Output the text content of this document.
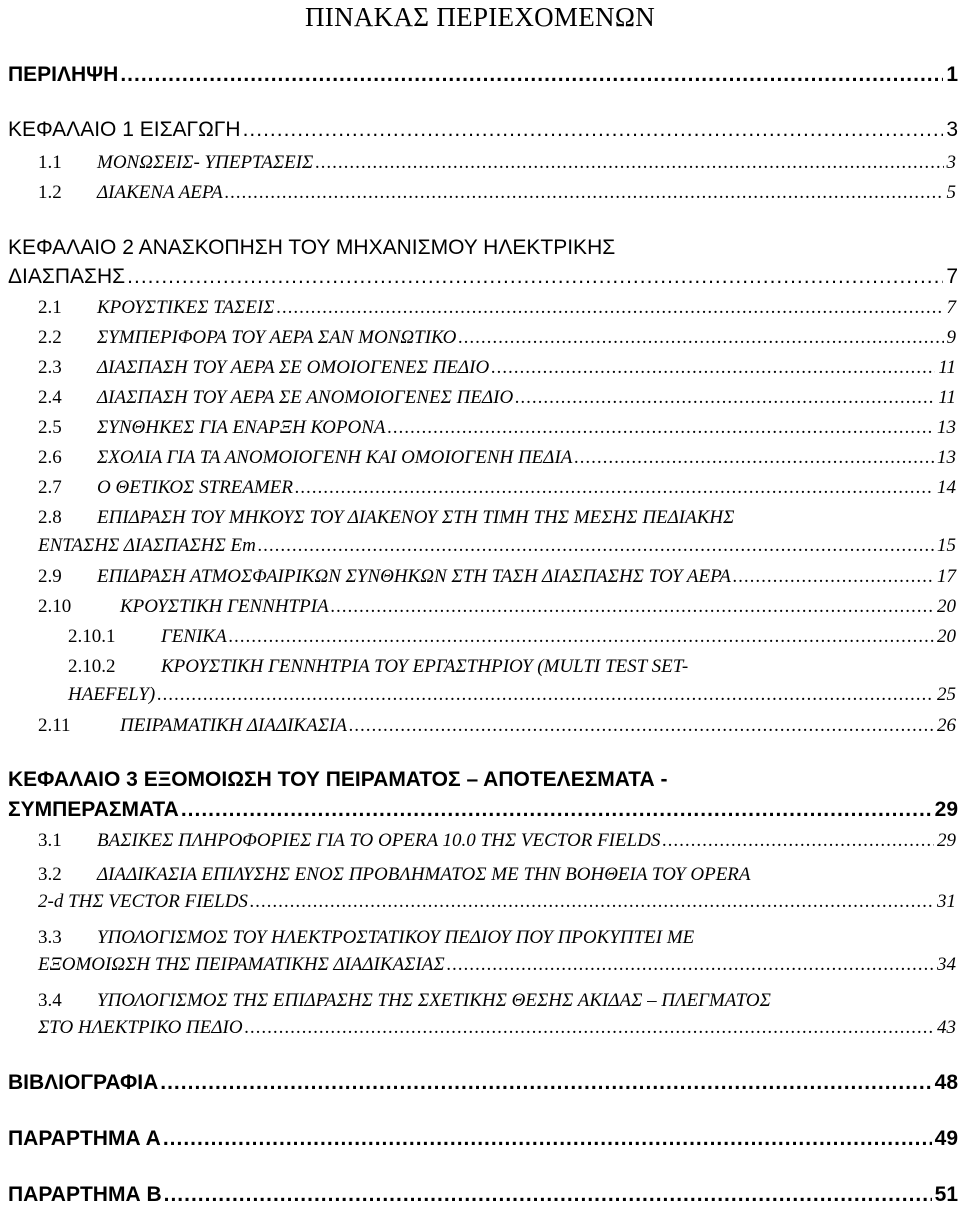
ΠΙΝΑΚΑΣ ΠΕΡΙΕΧΟΜΕΝΩΝ
ΠΕΡΙΛΗΨΗ .....	1
ΚΕΦΑΛΑΙΟ 1 ΕΙΣΑΓΩΓΗ .....	3
1.1	ΜΟΝΩΣΕΙΣ- ΥΠΕΡΤΑΣΕΙΣ .....	3
1.2	ΔΙΑΚΕΝΑ ΑΕΡΑ .....	5
ΚΕΦΑΛΑΙΟ 2 ΑΝΑΣΚΟΠΗΣΗ ΤΟΥ ΜΗΧΑΝΙΣΜΟΥ ΗΛΕΚΤΡΙΚΗΣ
ΔΙΑΣΠΑΣΗΣ .....	7
2.1	ΚΡΟΥΣΤΙΚΕΣ ΤΑΣΕΙΣ .....	7
2.2	ΣΥΜΠΕΡΙΦΟΡΑ ΤΟΥ ΑΕΡΑ ΣΑΝ ΜΟΝΩΤΙΚΟ .....	9
2.3	ΔΙΑΣΠΑΣΗ ΤΟΥ ΑΕΡΑ ΣΕ ΟΜΟΙΟΓΕΝΕΣ ΠΕΔΙΟ .....	11
2.4	ΔΙΑΣΠΑΣΗ ΤΟΥ ΑΕΡΑ ΣΕ ΑΝΟΜΟΙΟΓΕΝΕΣ ΠΕΔΙΟ .....	11
2.5	ΣΥΝΘΗΚΕΣ ΓΙΑ ΕΝΑΡΞΗ ΚΟΡΟΝΑ .....	13
2.6	ΣΧΟΛΙΑ ΓΙΑ ΤΑ ΑΝΟΜΟΙΟΓΕΝΗ ΚΑΙ ΟΜΟΙΟΓΕΝΗ ΠΕΔΙΑ .....	13
2.7	Ο ΘΕΤΙΚΟΣ STREAMER .....	14
2.8	ΕΠΙΔΡΑΣΗ ΤΟΥ ΜΗΚΟΥΣ ΤΟΥ ΔΙΑΚΕΝΟΥ ΣΤΗ ΤΙΜΗ ΤΗΣ ΜΕΣΗΣ ΠΕΔΙΑΚΗΣ
ΕΝΤΑΣΗΣ ΔΙΑΣΠΑΣΗΣ Em .....	15
2.9	ΕΠΙΔΡΑΣΗ ΑΤΜΟΣΦΑΙΡΙΚΩΝ ΣΥΝΘΗΚΩΝ ΣΤΗ ΤΑΣΗ ΔΙΑΣΠΑΣΗΣ ΤΟΥ ΑΕΡΑ .....	17
2.10	ΚΡΟΥΣΤΙΚΗ ΓΕΝΝΗΤΡΙΑ .....	20
2.10.1	ΓΕΝΙΚΑ .....	20
2.10.2	ΚΡΟΥΣΤΙΚΗ ΓΕΝΝΗΤΡΙΑ ΤΟΥ ΕΡΓΑΣΤΗΡΙΟΥ (MULTI TEST SET-
HAEFELY) .....	25
2.11	ΠΕΙΡΑΜΑΤΙΚΗ ΔΙΑΔΙΚΑΣΙΑ .....	26
ΚΕΦΑΛΑΙΟ 3 ΕΞΟΜΟΙΩΣΗ ΤΟΥ ΠΕΙΡΑΜΑΤΟΣ – ΑΠΟΤΕΛΕΣΜΑΤΑ -
ΣΥΜΠΕΡΑΣΜΑΤΑ .....	29
3.1	ΒΑΣΙΚΕΣ ΠΛΗΡΟΦΟΡΙΕΣ ΓΙΑ ΤΟ OPERA 10.0 ΤΗΣ VECTOR FIELDS .....	29
3.2	ΔΙΑΔΙΚΑΣΙΑ ΕΠΙΛΥΣΗΣ ΕΝΟΣ ΠΡΟΒΛΗΜΑΤΟΣ ΜΕ ΤΗΝ ΒΟΗΘΕΙΑ ΤΟΥ OPERA
2-d ΤΗΣ VECTOR FIELDS .....	31
3.3	ΥΠΟΛΟΓΙΣΜΟΣ ΤΟΥ ΗΛΕΚΤΡΟΣΤΑΤΙΚΟΥ ΠΕΔΙΟΥ ΠΟΥ ΠΡΟΚΥΠΤΕΙ ΜΕ
ΕΞΟΜΟΙΩΣΗ ΤΗΣ ΠΕΙΡΑΜΑΤΙΚΗΣ ΔΙΑΔΙΚΑΣΙΑΣ .....	34
3.4	ΥΠΟΛΟΓΙΣΜΟΣ ΤΗΣ ΕΠΙΔΡΑΣΗΣ ΤΗΣ ΣΧΕΤΙΚΗΣ ΘΕΣΗΣ ΑΚΙΔΑΣ – ΠΛΕΓΜΑΤΟΣ
ΣΤΟ ΗΛΕΚΤΡΙΚΟ ΠΕΔΙΟ .....	43
ΒΙΒΛΙΟΓΡΑΦΙΑ .....	48
ΠΑΡΑΡΤΗΜΑ Α .....	49
ΠΑΡΑΡΤΗΜΑ Β .....	51
